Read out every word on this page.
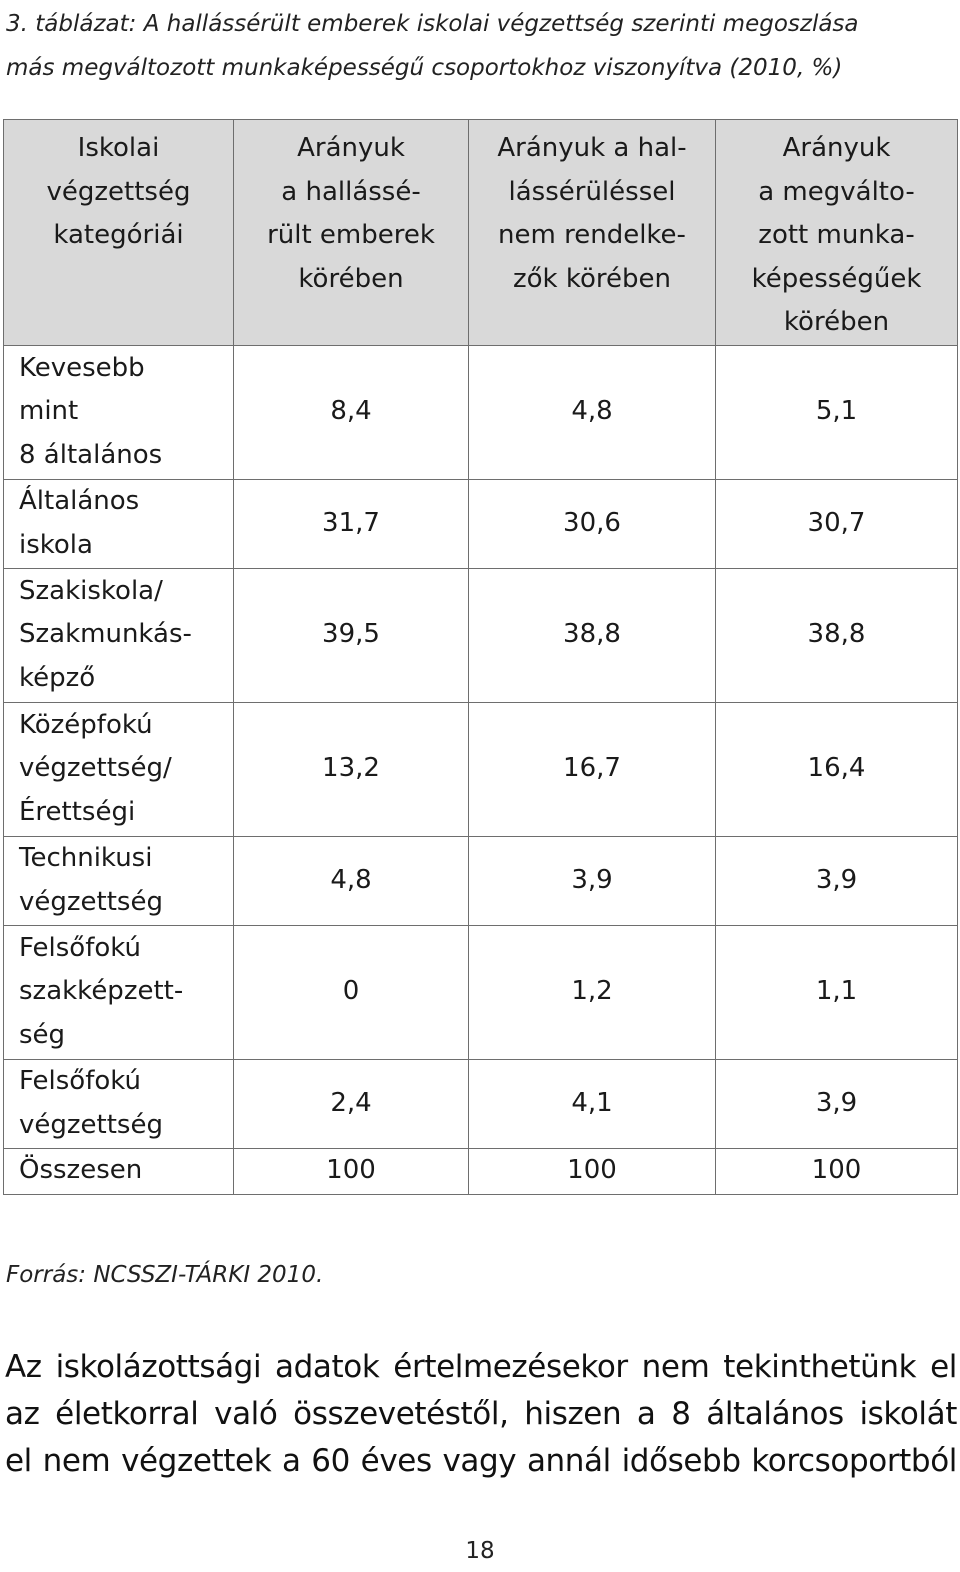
3. táblázat: A hallássérült emberek iskolai végzettség szerinti megoszlása
más megváltozott munkaképességű csoportokhoz viszonyítva (2010, %)
Iskolai
végzettség
kategóriái	Arányuk
a hallássé-
rült emberek
körében	Arányuk a hal-
lássérüléssel
nem rendelke-
zők körében	Arányuk
a megválto-
zott munka-
képességűek
körében
Kevesebb
mint
8 általános	8,4	4,8	5,1
Általános
iskola	31,7	30,6	30,7
Szakiskola/
Szakmunkás-
képző	39,5	38,8	38,8
Középfokú
végzettség/
Érettségi	13,2	16,7	16,4
Technikusi
végzettség	4,8	3,9	3,9
Felsőfokú
szakképzett-
ség	0	1,2	1,1
Felsőfokú
végzettség	2,4	4,1	3,9
Összesen	100	100	100
Forrás: NCSSZI-TÁRKI 2010.
Az iskolázottsági adatok értelmezésekor nem tekinthetünk el
az életkorral való összevetéstől, hiszen a 8 általános iskolát
el nem végzettek a 60 éves vagy annál idősebb korcsoportból
18
